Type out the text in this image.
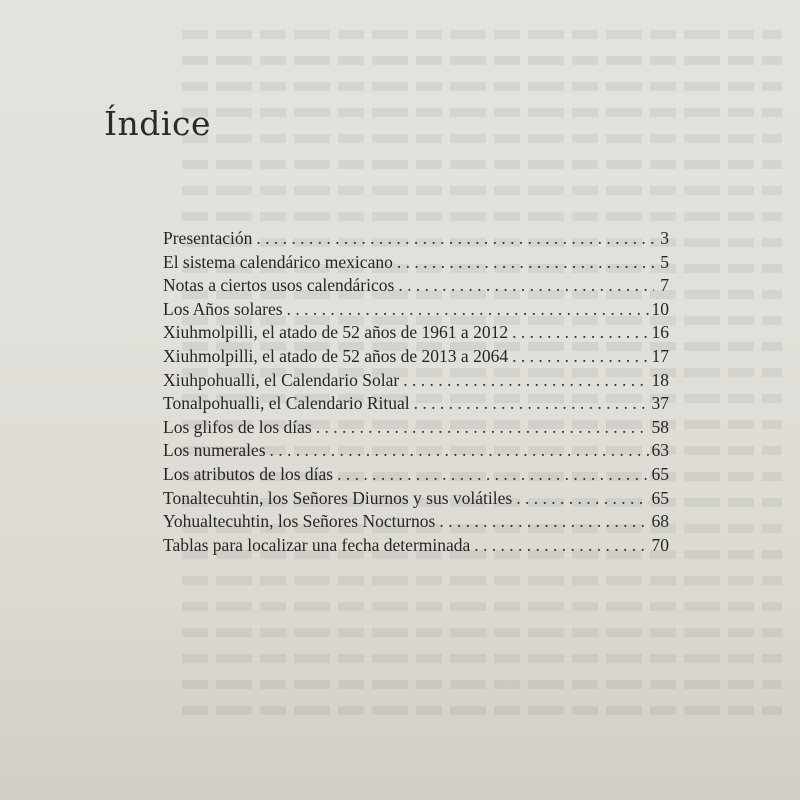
Índice
Presentación . . .	3
El sistema calendárico mexicano . . .	5
Notas a ciertos usos calendáricos . . .	7
Los Años solares . . .	10
Xiuhmolpilli, el atado de 52 años de 1961 a 2012 . . .	16
Xiuhmolpilli, el atado de 52 años de 2013 a 2064 . . .	17
Xiuhpohualli, el Calendario Solar . . .	18
Tonalpohualli, el Calendario Ritual . . .	37
Los glifos de los días . . .	58
Los numerales . . .	63
Los atributos de los días . . .	65
Tonaltecuhtin, los Señores Diurnos y sus volátiles . . .	65
Yohualtecuhtin, los Señores Nocturnos . . .	68
Tablas para localizar una fecha determinada . . .	70
